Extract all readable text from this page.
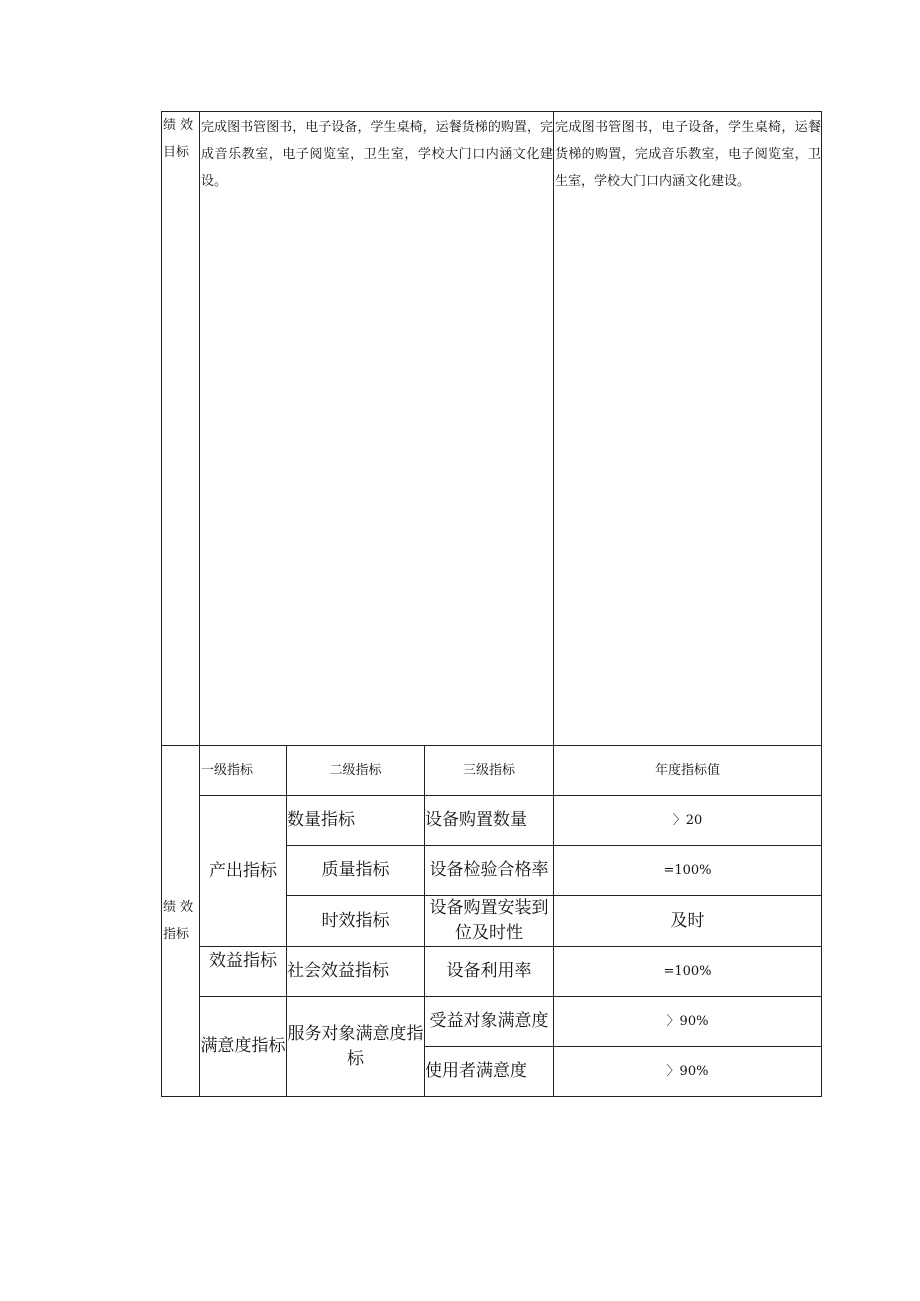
绩 效
目标	完成图书管图书，电子设备，学生桌椅，运餐货梯的购置，完成音乐教室，电子阅览室，卫生室，学校大门口内涵文化建设。			完成图书管图书，电子设备，学生桌椅，运餐货梯的购置，完成音乐教室，电子阅览室，卫生室，学校大门口内涵文化建设。

绩 效
指标	一级指标	二级指标	三级指标	年度指标值
	产出指标	数量指标	设备购置数量	〉20
		质量指标	设备检验合格率	=100%
		时效指标	设备购置安装到位及时性	及时
	效益指标	社会效益指标	设备利用率	=100%
	满意度指标	服务对象满意度指标	受益对象满意度	〉90%
			使用者满意度	〉90%
